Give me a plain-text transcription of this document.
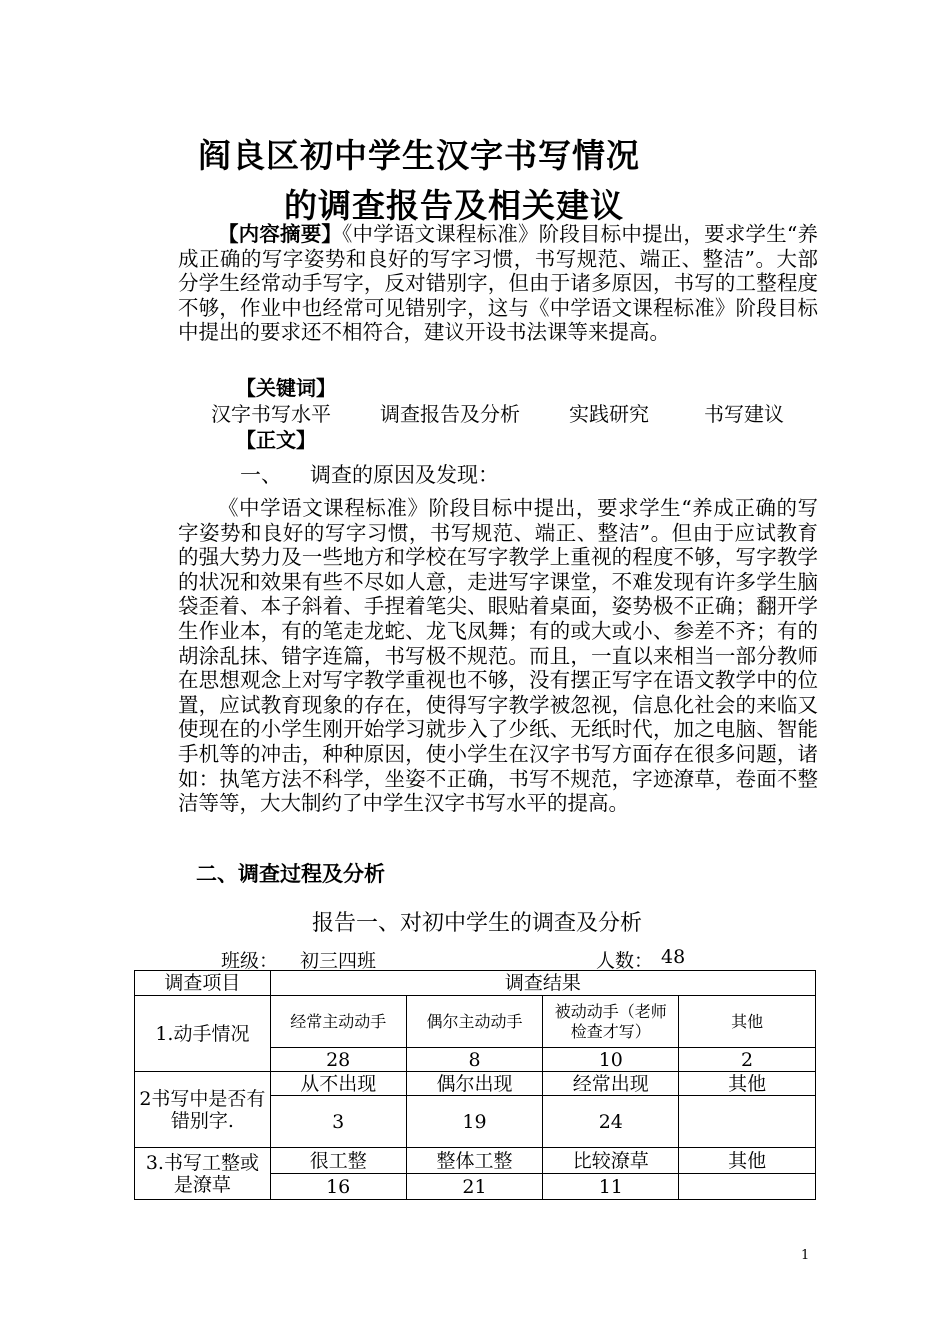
阎良区初中学生汉字书写情况
的调查报告及相关建议
【内容摘要】《中学语文课程标准》阶段目标中提出，要求学生“养成正确的写字姿势和良好的写字习惯，书写规范、端正、整洁”。大部分学生经常动手写字，反对错别字，但由于诸多原因，书写的工整程度不够，作业中也经常可见错别字，这与《中学语文课程标准》阶段目标中提出的要求还不相符合，建议开设书法课等来提高。
【关键词】
汉字书写水平 调查报告及分析 实践研究	书写建议
【正文】
一、 调查的原因及发现：
《中学语文课程标准》阶段目标中提出，要求学生“养成正确的写字姿势和良好的写字习惯，书写规范、端正、整洁”。但由于应试教育的强大势力及一些地方和学校在写字教学上重视的程度不够，写字教学的状况和效果有些不尽如人意，走进写字课堂，不难发现有许多学生脑袋歪着、本子斜着、手捏着笔尖、眼贴着桌面，姿势极不正确；翻开学生作业本，有的笔走龙蛇、龙飞凤舞；有的或大或小、参差不齐；有的胡涂乱抹、错字连篇，书写极不规范。而且，一直以来相当一部分教师在思想观念上对写字教学重视也不够，没有摆正写字在语文教学中的位置，应试教育现象的存在，使得写字教学被忽视，信息化社会的来临又使现在的小学生刚开始学习就步入了少纸、无纸时代，加之电脑、智能手机等的冲击，种种原因，使小学生在汉字书写方面存在很多问题，诸如：执笔方法不科学，坐姿不正确，书写不规范，字迹潦草，卷面不整洁等等，大大制约了中学生汉字书写水平的提高。
二、调查过程及分析
报告一、对初中学生的调查及分析
班级： 初三四班	人数： 48
调查项目	调查结果			
1.动手情况	经常主动动手	偶尔主动动手	被动动手（老师检查才写）	其他
	28	8	10	2
2书写中是否有错别字.	从不出现	偶尔出现	经常出现	其他
	3	19	24	
3.书写工整或是潦草	很工整	整体工整	比较潦草	其他
	16	21	11	
1
